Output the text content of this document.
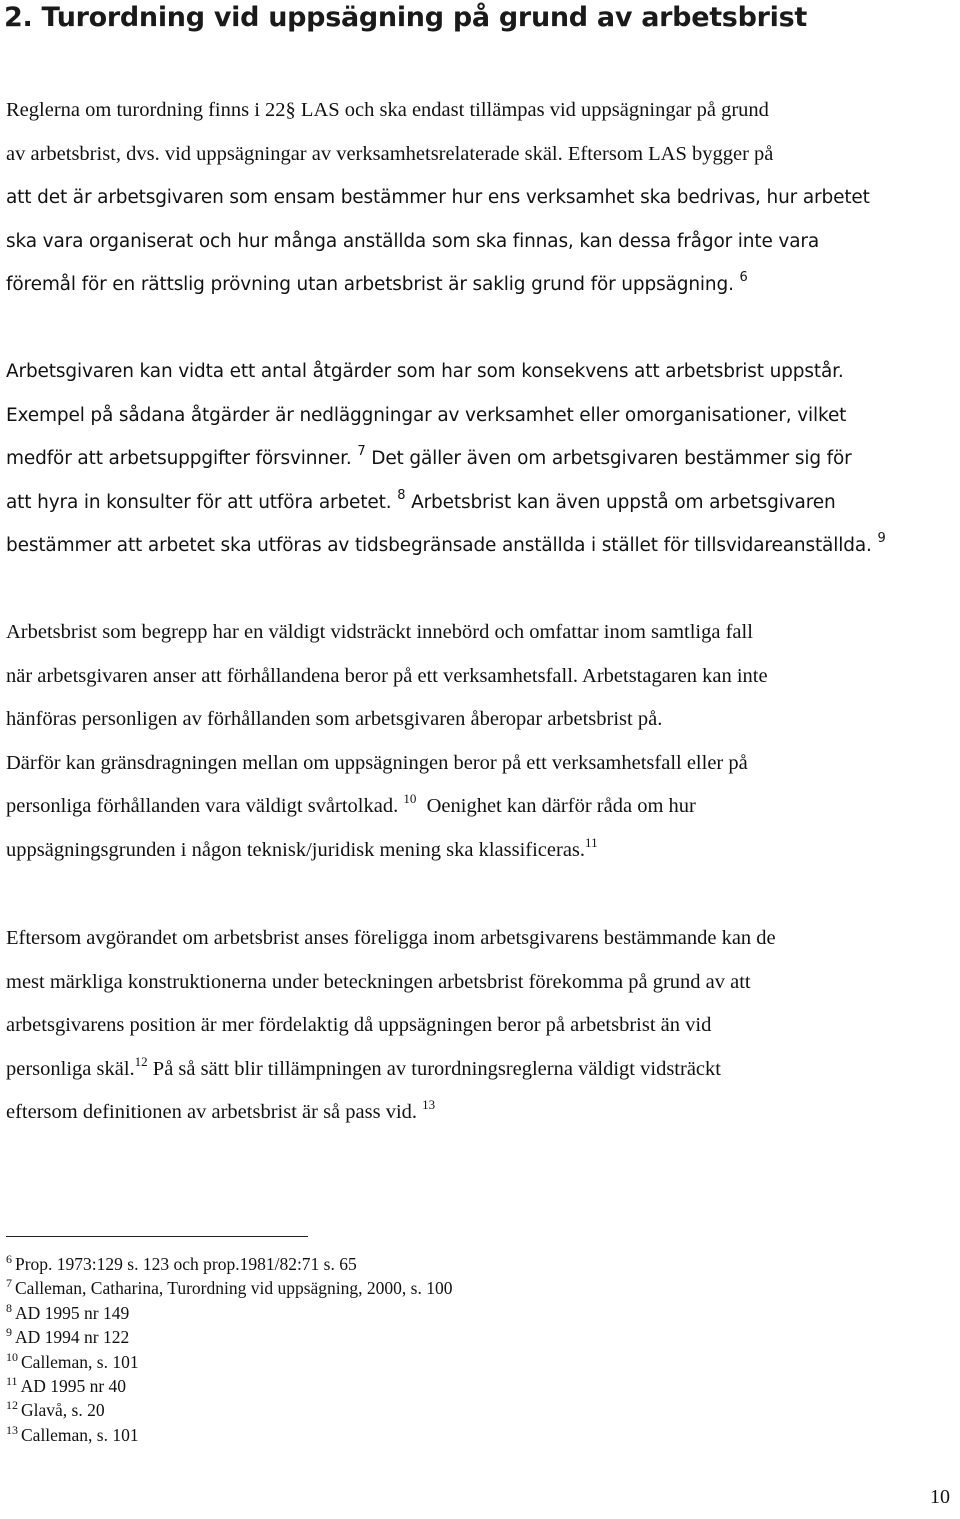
2. Turordning vid uppsägning på grund av arbetsbrist

Reglerna om turordning finns i 22§ LAS och ska endast tillämpas vid uppsägningar på grund
av arbetsbrist, dvs. vid uppsägningar av verksamhetsrelaterade skäl. Eftersom LAS bygger på
att det är arbetsgivaren som ensam bestämmer hur ens verksamhet ska bedrivas, hur arbetet
ska vara organiserat och hur många anställda som ska finnas, kan dessa frågor inte vara
föremål för en rättslig prövning utan arbetsbrist är saklig grund för uppsägning. $^6$

Arbetsgivaren kan vidta ett antal åtgärder som har som konsekvens att arbetsbrist uppstår.
Exempel på sådana åtgärder är nedläggningar av verksamhet eller omorganisationer, vilket
medför att arbetsuppgifter försvinner. $^7$ Det gäller även om arbetsgivaren bestämmer sig för
att hyra in konsulter för att utföra arbetet. $^8$ Arbetsbrist kan även uppstå om arbetsgivaren
bestämmer att arbetet ska utföras av tidsbegränsade anställda i stället för tillsvidareanställda. $^9$

Arbetsbrist som begrepp har en väldigt vidsträckt innebörd och omfattar inom samtliga fall
när arbetsgivaren anser att förhållandena beror på ett verksamhetsfall. Arbetstagaren kan inte
hänföras personligen av förhållanden som arbetsgivaren åberopar arbetsbrist på.
Därför kan gränsdragningen mellan om uppsägningen beror på ett verksamhetsfall eller på
personliga förhållanden vara väldigt svårtolkad. $^{10}$ Oenighet kan därför råda om hur
uppsägningsgrunden i någon teknisk/juridisk mening ska klassificeras.$^{11}$

Eftersom avgörandet om arbetsbrist anses föreligga inom arbetsgivarens bestämmande kan de
mest märkliga konstruktionerna under beteckningen arbetsbrist förekomma på grund av att
arbetsgivarens position är mer fördelaktig då uppsägningen beror på arbetsbrist än vid
personliga skäl.$^{12}$ På så sätt blir tillämpningen av turordningsreglerna väldigt vidsträckt
eftersom definitionen av arbetsbrist är så pass vid. $^{13}$

$^6$ Prop. 1973:129 s. 123 och prop.1981/82:71 s. 65
$^7$ Calleman, Catharina, Turordning vid uppsägning, 2000, s. 100
$^8$ AD 1995 nr 149
$^9$ AD 1994 nr 122
$^{10}$ Calleman, s. 101
$^{11}$ AD 1995 nr 40
$^{12}$ Glavå, s. 20
$^{13}$ Calleman, s. 101
10
